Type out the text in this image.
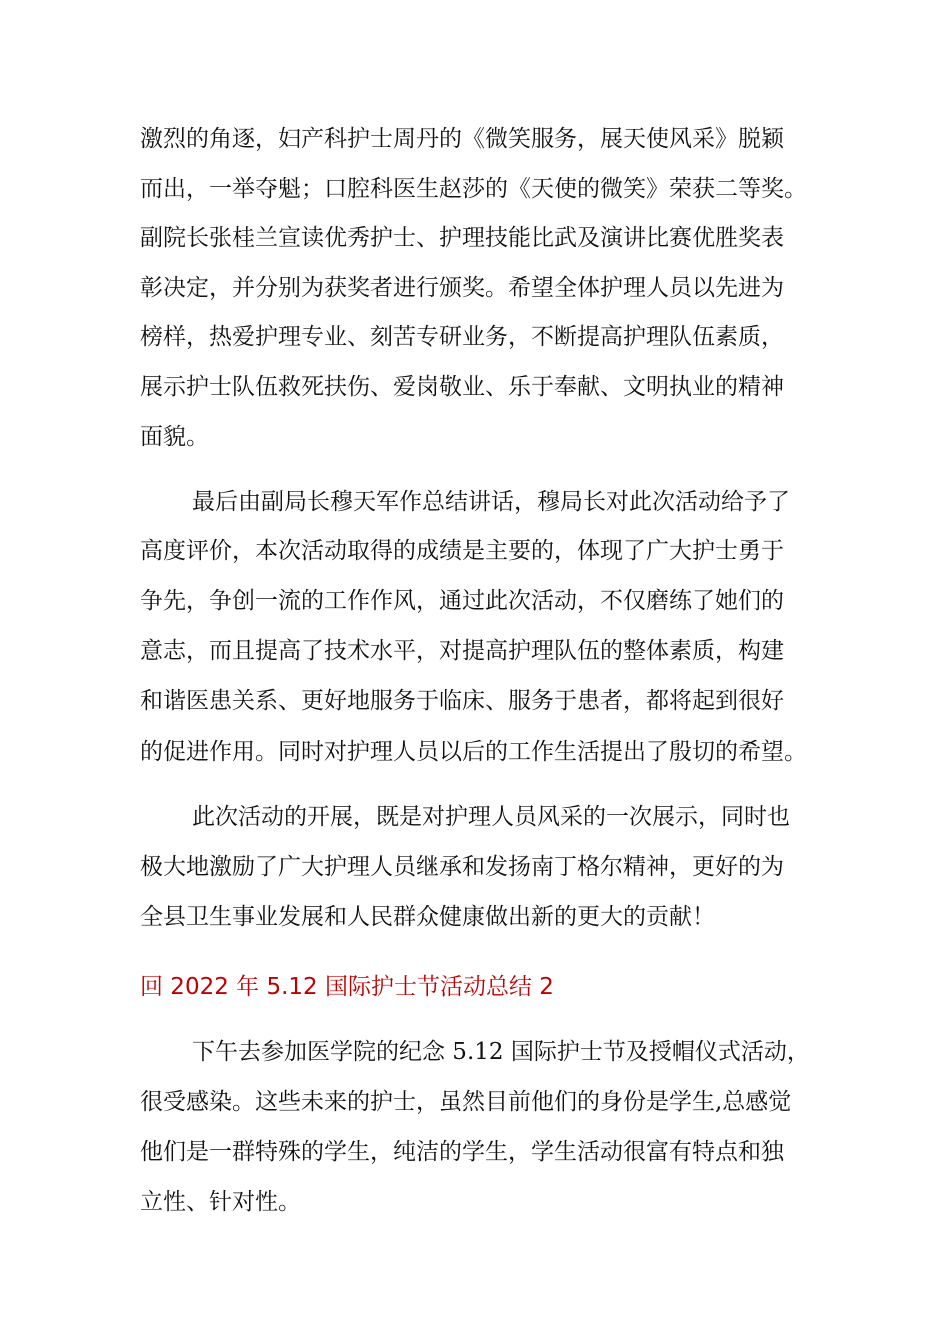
激烈的角逐，妇产科护士周丹的《微笑服务，展天使风采》脱颖
而出，一举夺魁；口腔科医生赵莎的《天使的微笑》荣获二等奖。
副院长张桂兰宣读优秀护士、护理技能比武及演讲比赛优胜奖表
彰决定，并分别为获奖者进行颁奖。希望全体护理人员以先进为
榜样，热爱护理专业、刻苦专研业务，不断提高护理队伍素质，
展示护士队伍救死扶伤、爱岗敬业、乐于奉献、文明执业的精神
面貌。
最后由副局长穆天军作总结讲话，穆局长对此次活动给予了
高度评价，本次活动取得的成绩是主要的，体现了广大护士勇于
争先，争创一流的工作作风，通过此次活动，不仅磨练了她们的
意志，而且提高了技术水平，对提高护理队伍的整体素质，构建
和谐医患关系、更好地服务于临床、服务于患者，都将起到很好
的促进作用。同时对护理人员以后的工作生活提出了殷切的希望。
此次活动的开展，既是对护理人员风采的一次展示，同时也
极大地激励了广大护理人员继承和发扬南丁格尔精神，更好的为
全县卫生事业发展和人民群众健康做出新的更大的贡献！
回 2022 年 5.12 国际护士节活动总结 2
下午去参加医学院的纪念 5.12 国际护士节及授帽仪式活动，
很受感染。这些未来的护士，虽然目前他们的身份是学生,总感觉
他们是一群特殊的学生，纯洁的学生，学生活动很富有特点和独
立性、针对性。
